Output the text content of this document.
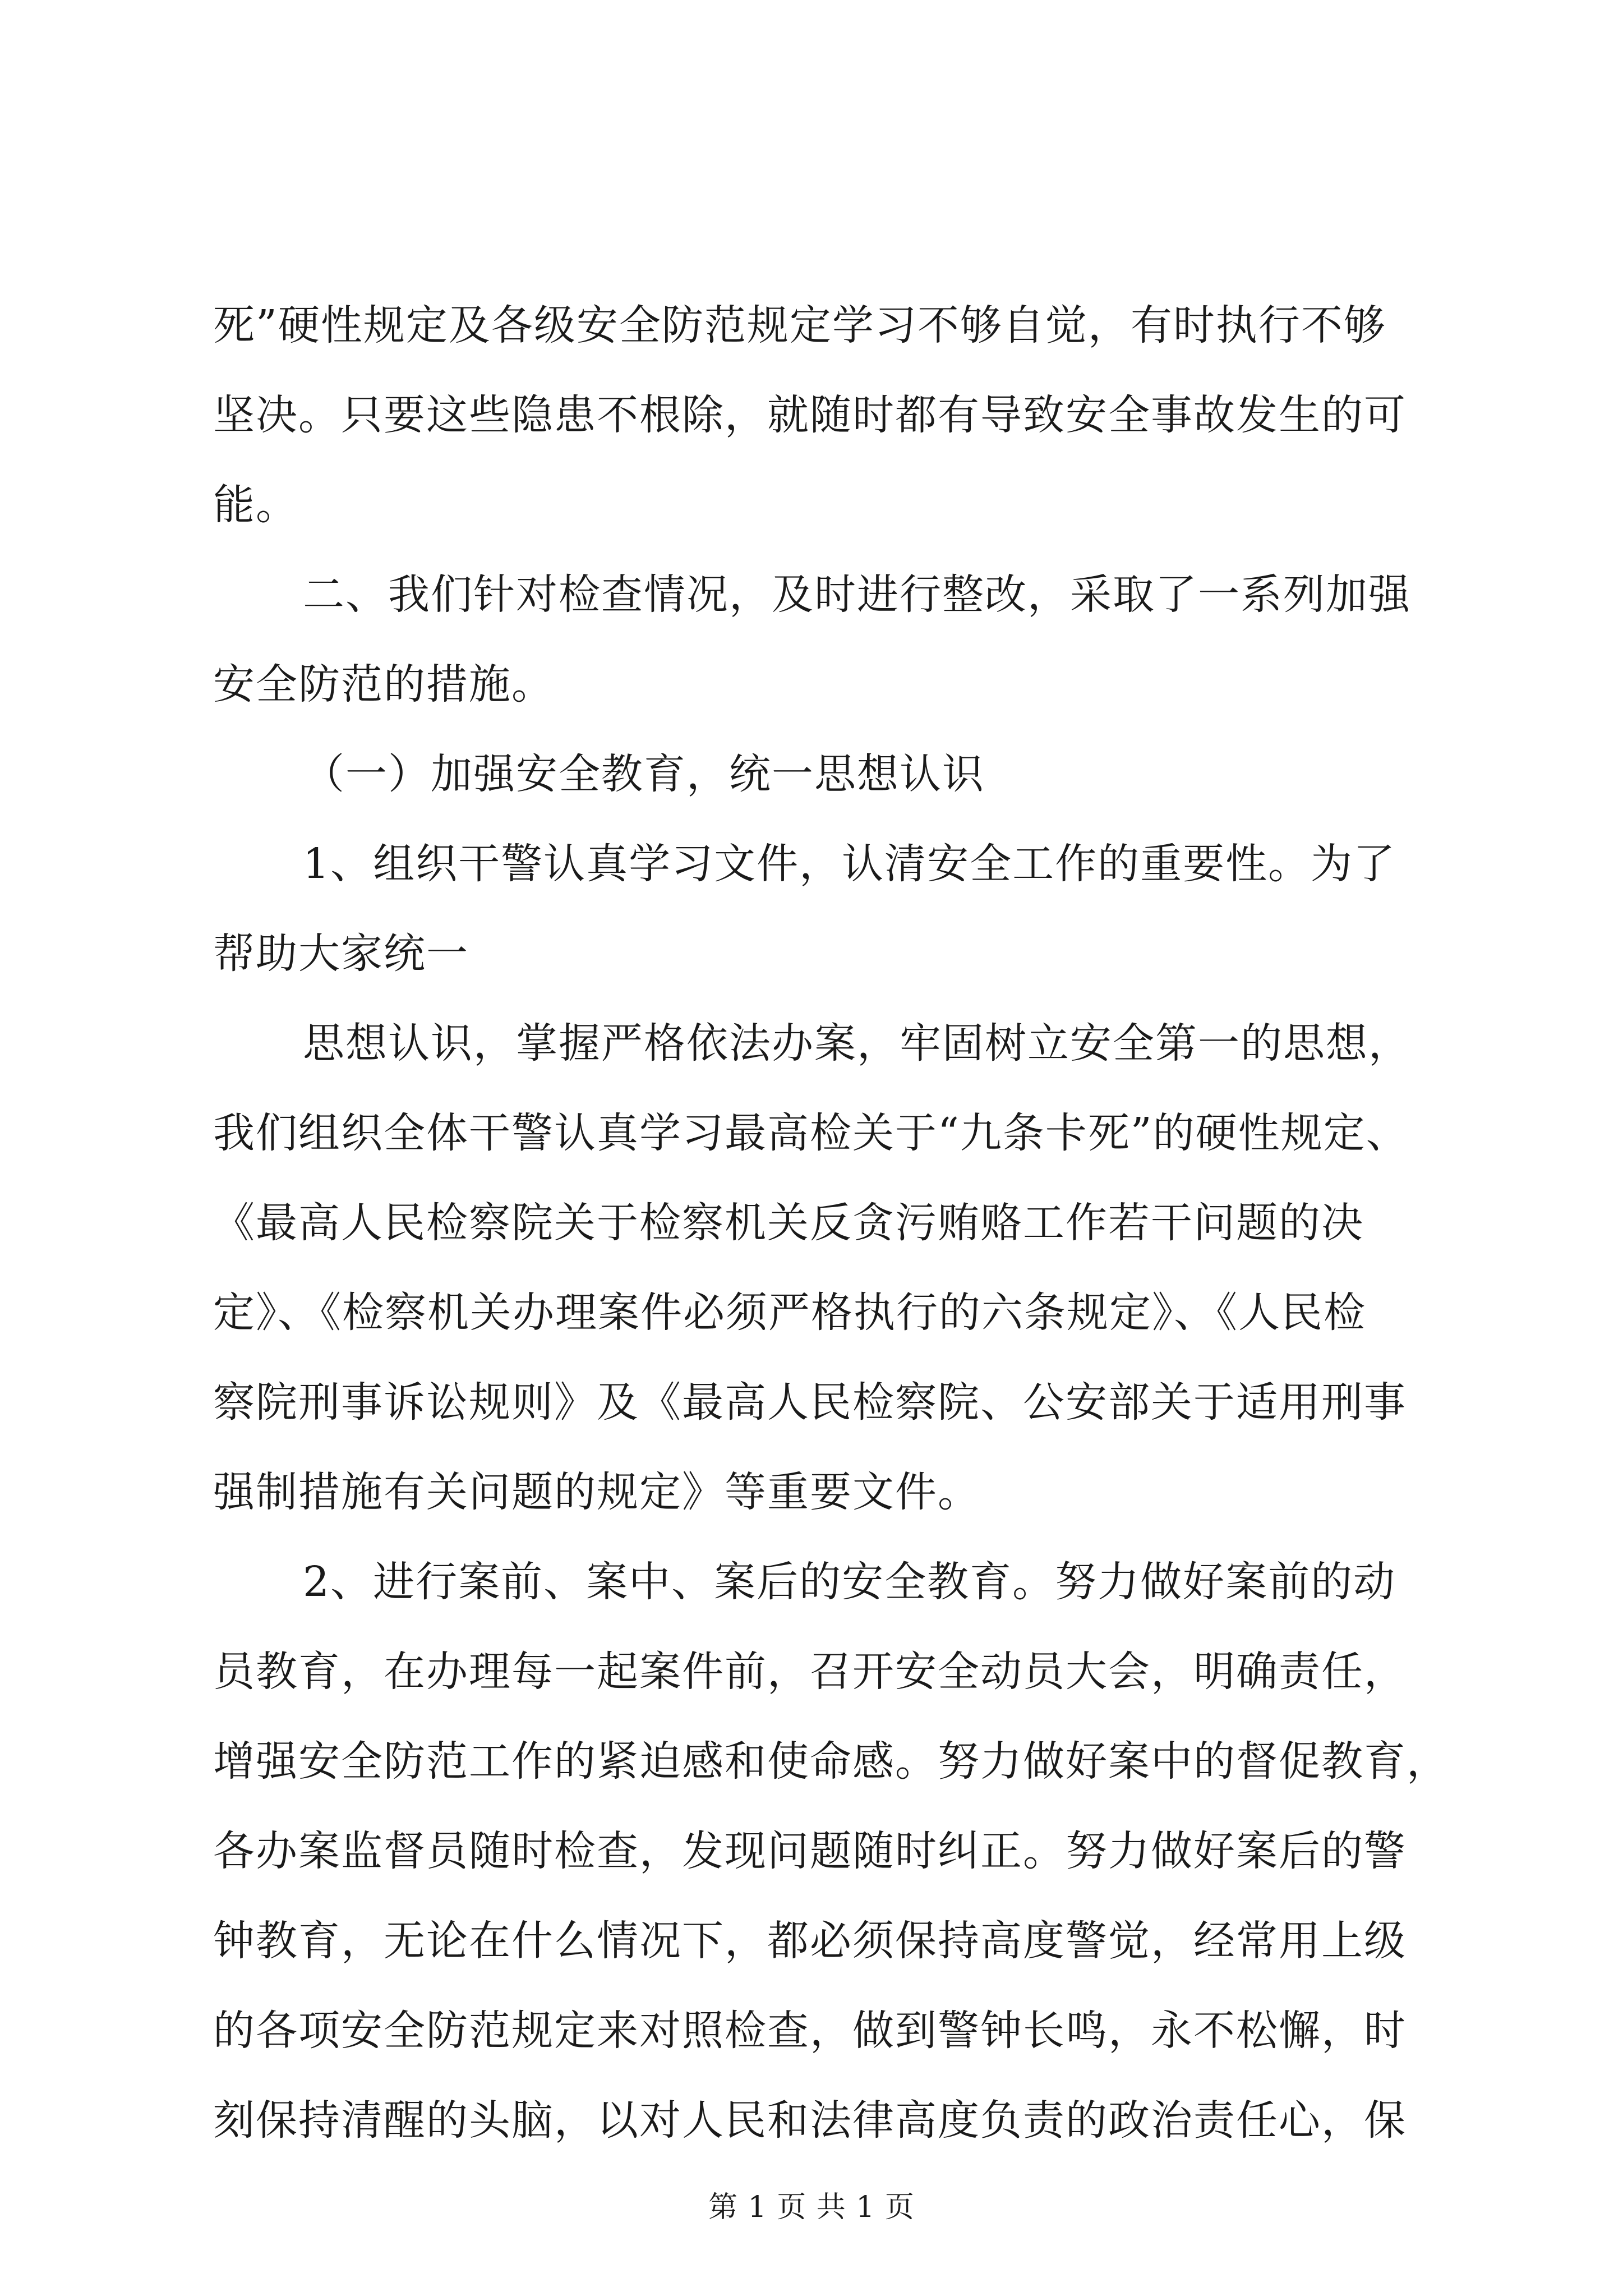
死”硬性规定及各级安全防范规定学习不够自觉，有时执行不够
坚决。只要这些隐患不根除，就随时都有导致安全事故发生的可
能。
二、我们针对检查情况，及时进行整改，采取了一系列加强
安全防范的措施。
（一）加强安全教育，统一思想认识
1、组织干警认真学习文件，认清安全工作的重要性。为了
帮助大家统一
思想认识，掌握严格依法办案，牢固树立安全第一的思想，
我们组织全体干警认真学习最高检关于“九条卡死”的硬性规定、
《最高人民检察院关于检察机关反贪污贿赂工作若干问题的决
定》、《检察机关办理案件必须严格执行的六条规定》、《人民检
察院刑事诉讼规则》及《最高人民检察院、公安部关于适用刑事
强制措施有关问题的规定》等重要文件。
2、进行案前、案中、案后的安全教育。努力做好案前的动
员教育，在办理每一起案件前，召开安全动员大会，明确责任，
增强安全防范工作的紧迫感和使命感。努力做好案中的督促教育，
各办案监督员随时检查，发现问题随时纠正。努力做好案后的警
钟教育，无论在什么情况下，都必须保持高度警觉，经常用上级
的各项安全防范规定来对照检查，做到警钟长鸣，永不松懈，时
刻保持清醒的头脑，以对人民和法律高度负责的政治责任心，保
第 1 页 共 1 页
